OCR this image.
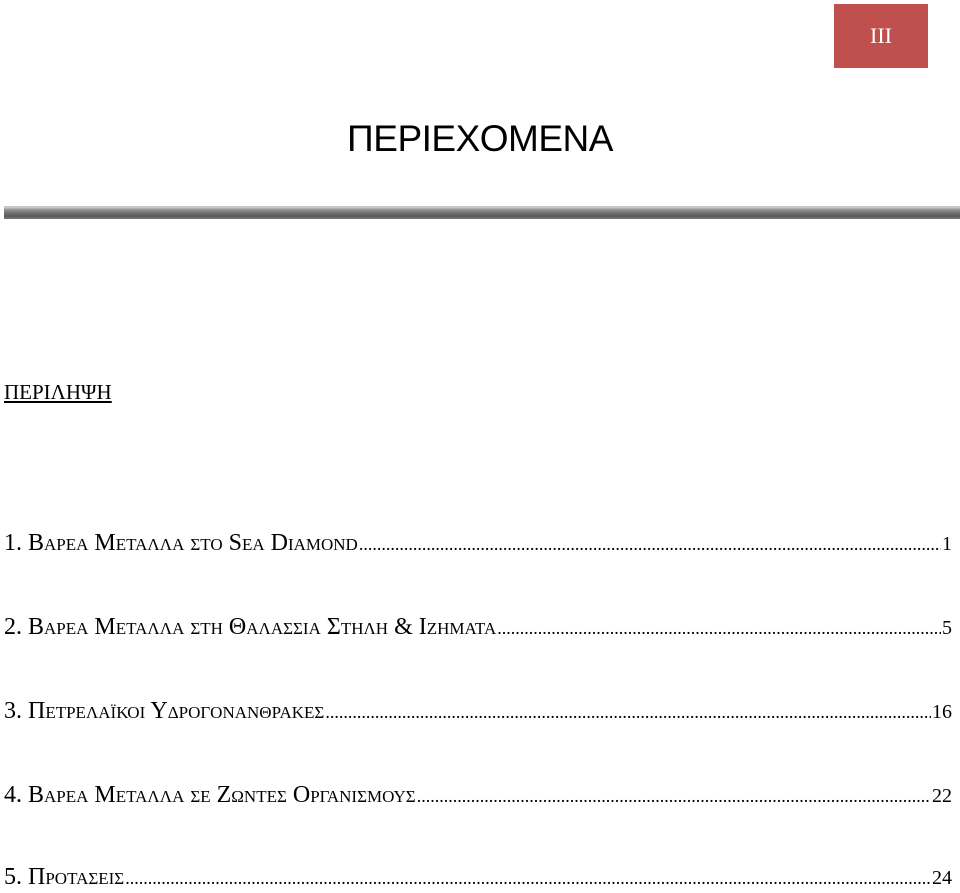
III
ΠΕΡΙΕΧΟΜΕΝΑ
ΠΕΡΙΛΗΨΗ
1. Βαρεα Μεταλλα στο Sea Diamond .....	1
2. Βαρεα Μεταλλα στη Θαλασσια Στηλη & Ιζηματα .....	5
3. Πετρελαϊκοι Υδρογονανθρακες .....	16
4. Βαρεα Μεταλλα σε Ζωντες Οργανισμους .....	22
5. Προτασεις .....	24
